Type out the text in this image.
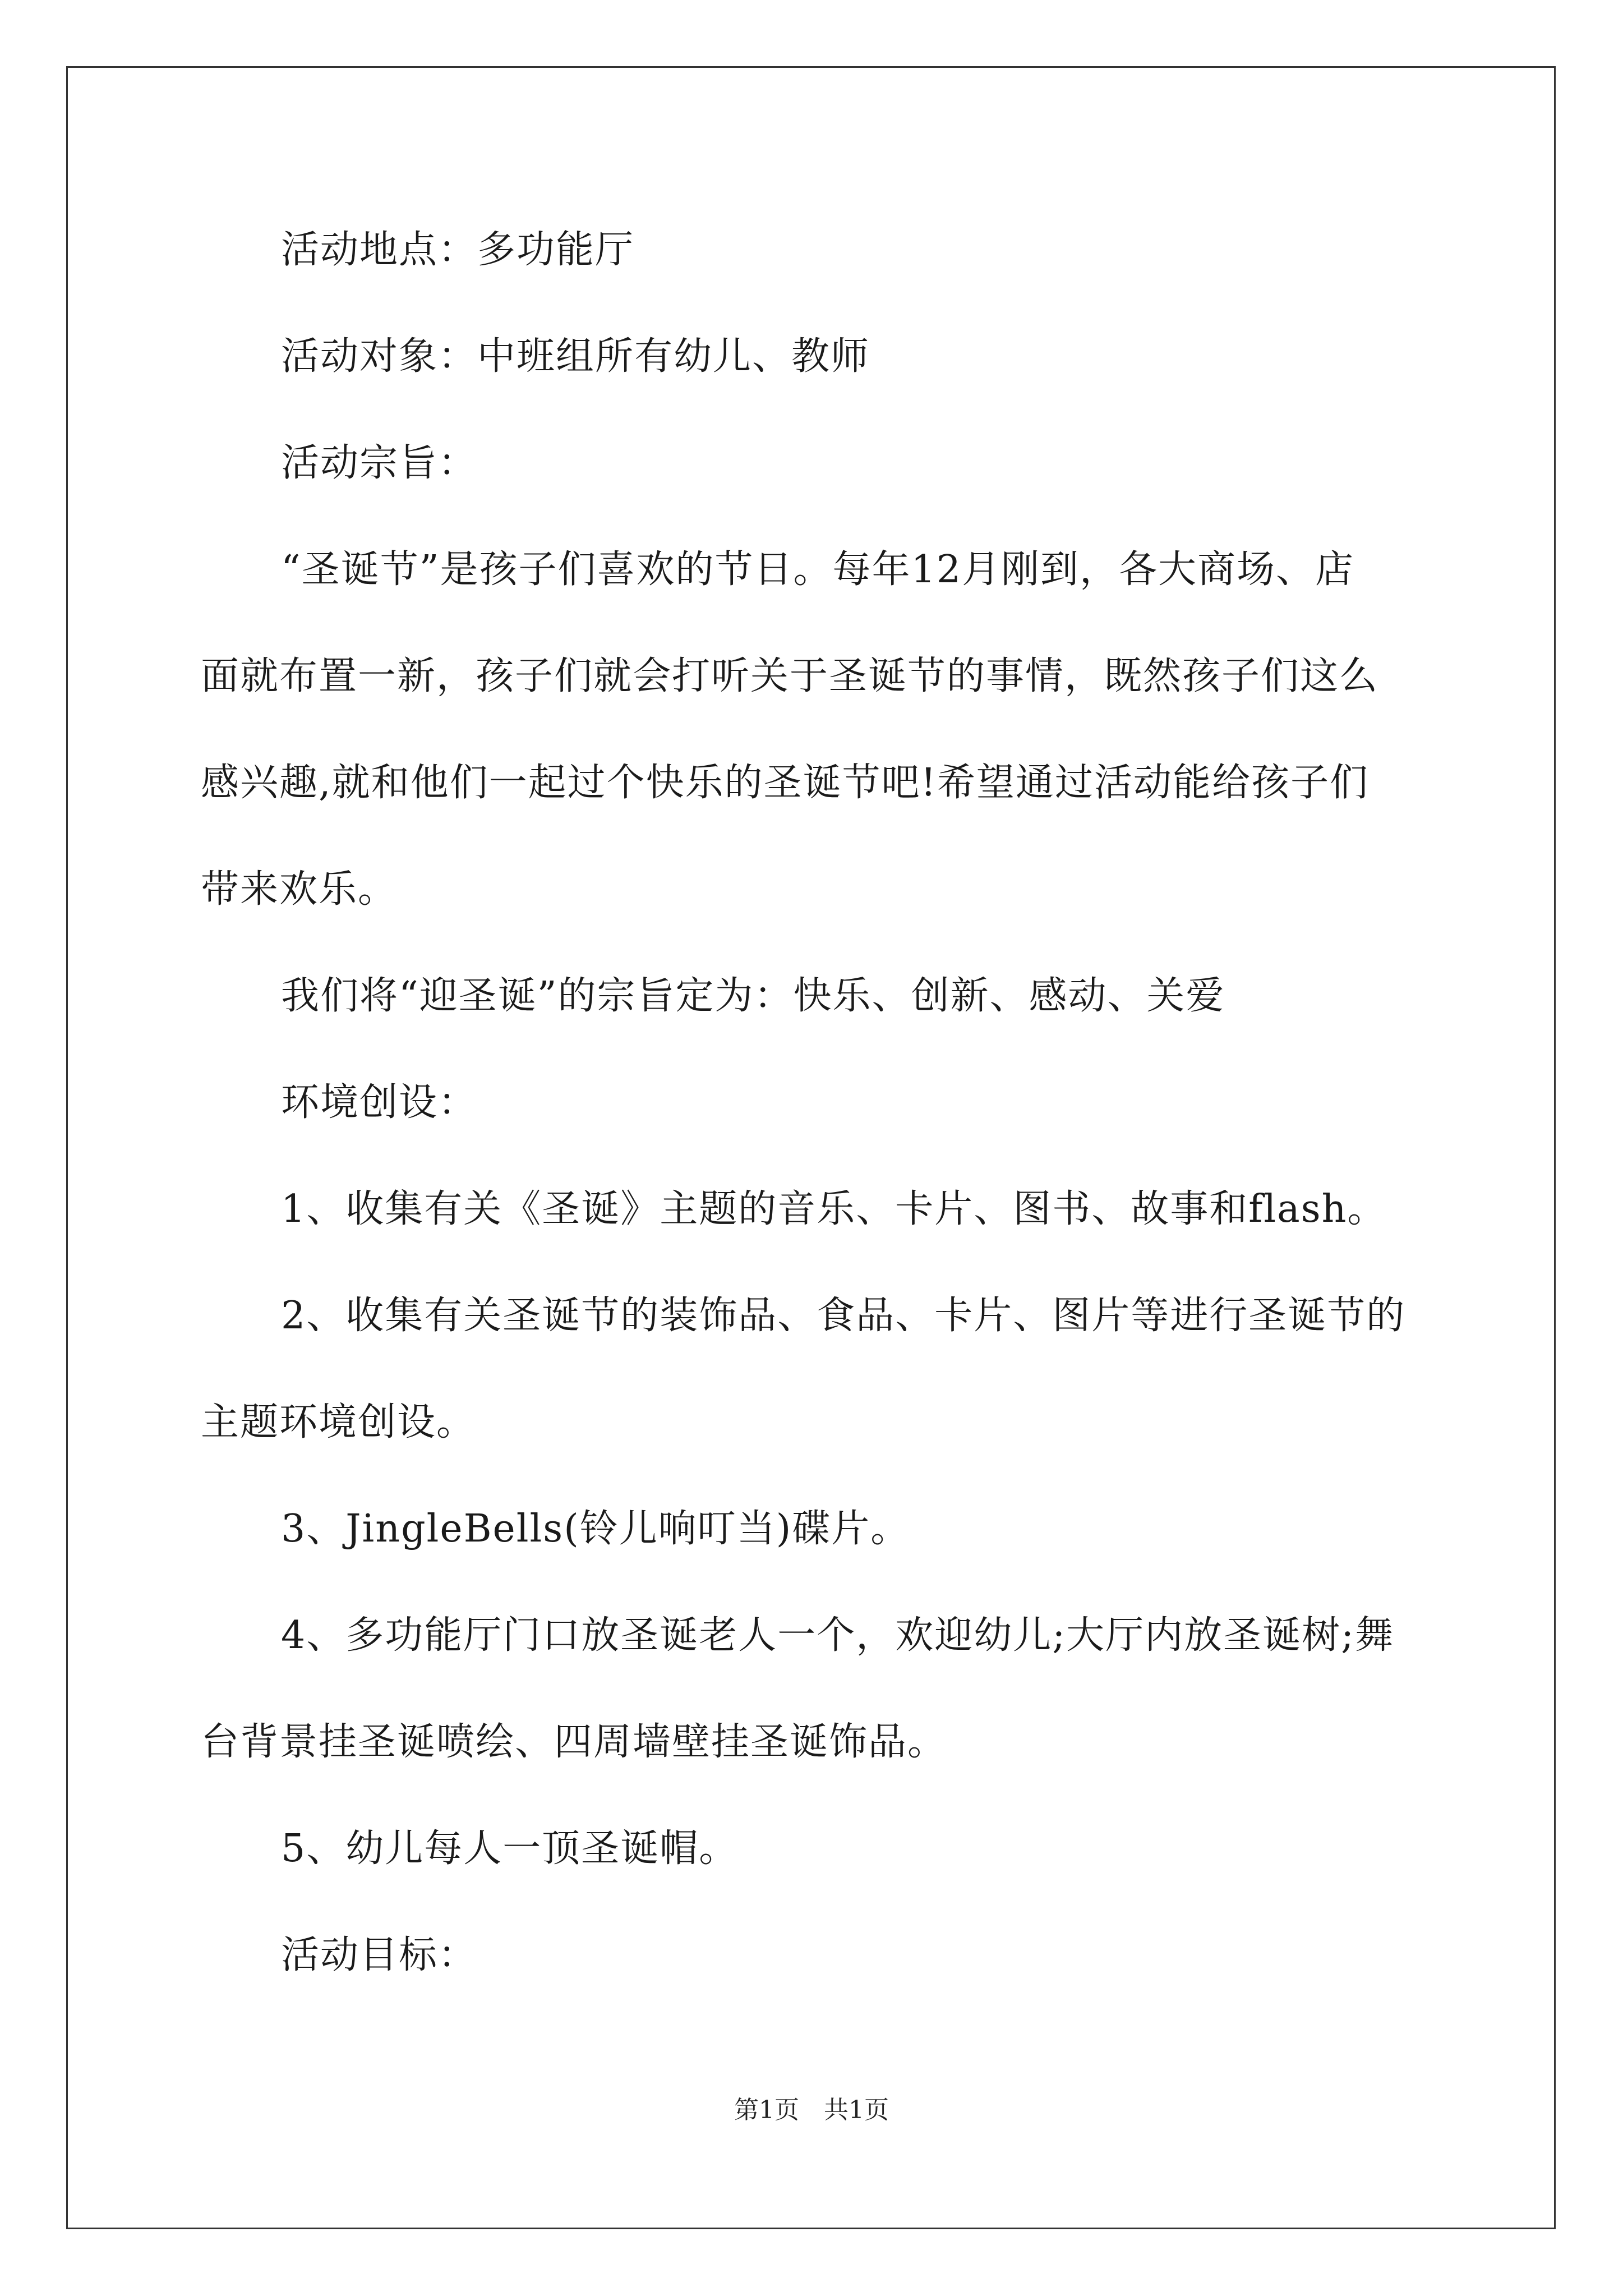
活动地点：多功能厅
活动对象：中班组所有幼儿、教师
活动宗旨：
“圣诞节”是孩子们喜欢的节日。每年12月刚到，各大商场、店
面就布置一新，孩子们就会打听关于圣诞节的事情，既然孩子们这么
感兴趣,就和他们一起过个快乐的圣诞节吧!希望通过活动能给孩子们
带来欢乐。
我们将“迎圣诞”的宗旨定为：快乐、创新、感动、关爱
环境创设：
1、收集有关《圣诞》主题的音乐、卡片、图书、故事和flash。
2、收集有关圣诞节的装饰品、食品、卡片、图片等进行圣诞节的
主题环境创设。
3、JingleBells(铃儿响叮当)碟片。
4、多功能厅门口放圣诞老人一个，欢迎幼儿;大厅内放圣诞树;舞
台背景挂圣诞喷绘、四周墙壁挂圣诞饰品。
5、幼儿每人一顶圣诞帽。
活动目标：
第1页　共1页
